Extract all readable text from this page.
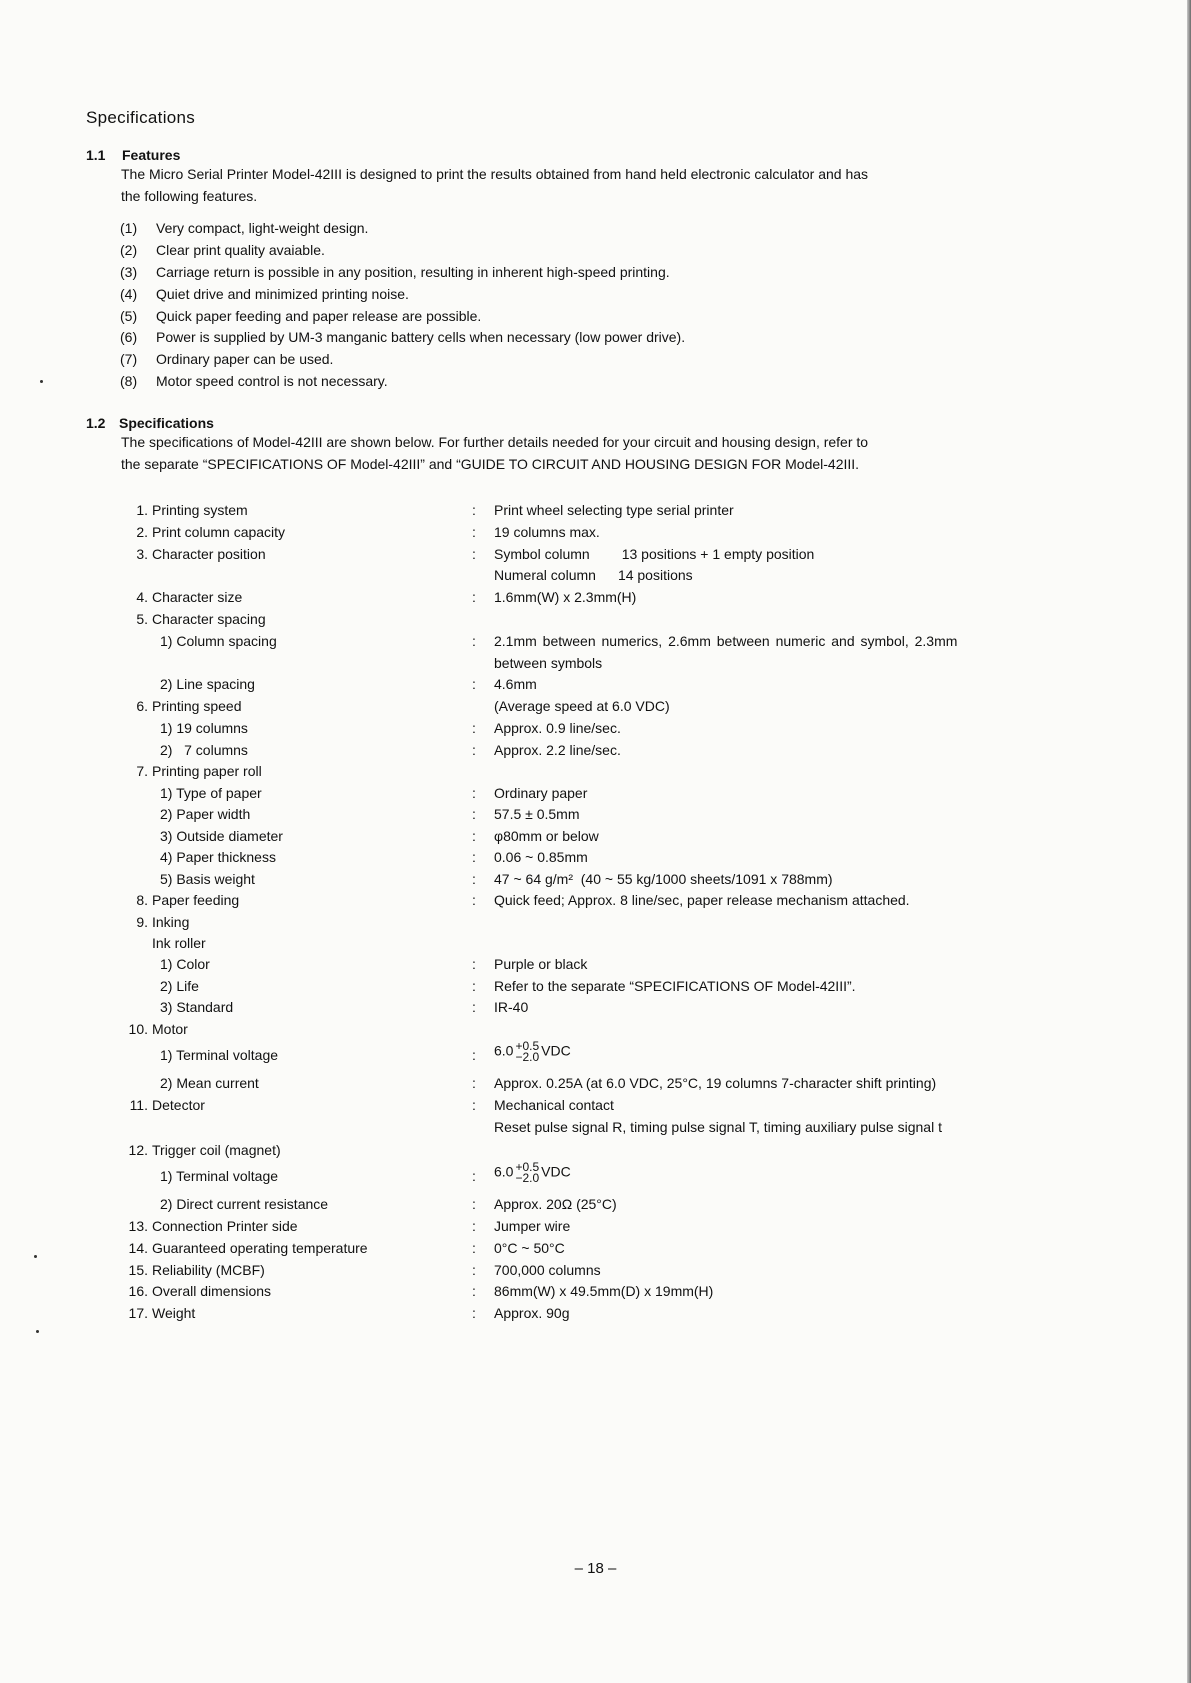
Specifications
1.1 Features
The Micro Serial Printer Model-42III is designed to print the results obtained from hand held electronic calculator and has
the following features.
(1) Very compact, light-weight design.
(2) Clear print quality avaiable.
(3) Carriage return is possible in any position, resulting in inherent high-speed printing.
(4) Quiet drive and minimized printing noise.
(5) Quick paper feeding and paper release are possible.
(6) Power is supplied by UM-3 manganic battery cells when necessary (low power drive).
(7) Ordinary paper can be used.
(8) Motor speed control is not necessary.
1.2 Specifications
The specifications of Model-42III are shown below. For further details needed for your circuit and housing design, refer to
the separate “SPECIFICATIONS OF Model-42III” and “GUIDE TO CIRCUIT AND HOUSING DESIGN FOR Model-42III.
1. Printing system	: Print wheel selecting type serial printer
2. Print column capacity	: 19 columns max.
3. Character position	: Symbol column 13 positions + 1 empty position
Numeral column 14 positions
4. Character size	: 1.6mm(W) x 2.3mm(H)
5. Character spacing
1) Column spacing	: 2.1mm between numerics, 2.6mm between numeric and symbol, 2.3mm
between symbols
2) Line spacing	: 4.6mm
6. Printing speed	(Average speed at 6.0 VDC)
1) 19 columns	: Approx. 0.9 line/sec.
2)   7 columns	: Approx. 2.2 line/sec.
7. Printing paper roll
1) Type of paper	: Ordinary paper
2) Paper width	: 57.5 ± 0.5mm
3) Outside diameter	: φ80mm or below
4) Paper thickness	: 0.06 ~ 0.85mm
5) Basis weight	: 47 ~ 64 g/m²  (40 ~ 55 kg/1000 sheets/1091 x 788mm)
8. Paper feeding	: Quick feed; Approx. 8 line/sec, paper release mechanism attached.
9. Inking
Ink roller
1) Color	: Purple or black
2) Life	: Refer to the separate “SPECIFICATIONS OF Model-42III”.
3) Standard	: IR-40
10. Motor
1) Terminal voltage	: 6.0 +0.5
−2.0 VDC
2) Mean current	: Approx. 0.25A (at 6.0 VDC, 25°C, 19 columns 7-character shift printing)
11. Detector	: Mechanical contact
Reset pulse signal R, timing pulse signal T, timing auxiliary pulse signal t
12. Trigger coil (magnet)
1) Terminal voltage	: 6.0 +0.5
−2.0 VDC
2) Direct current resistance	: Approx. 20Ω (25°C)
13. Connection Printer side	: Jumper wire
14. Guaranteed operating temperature	: 0°C ~ 50°C
15. Reliability (MCBF)	: 700,000 columns
16. Overall dimensions	: 86mm(W) x 49.5mm(D) x 19mm(H)
17. Weight	: Approx. 90g
– 18 –
